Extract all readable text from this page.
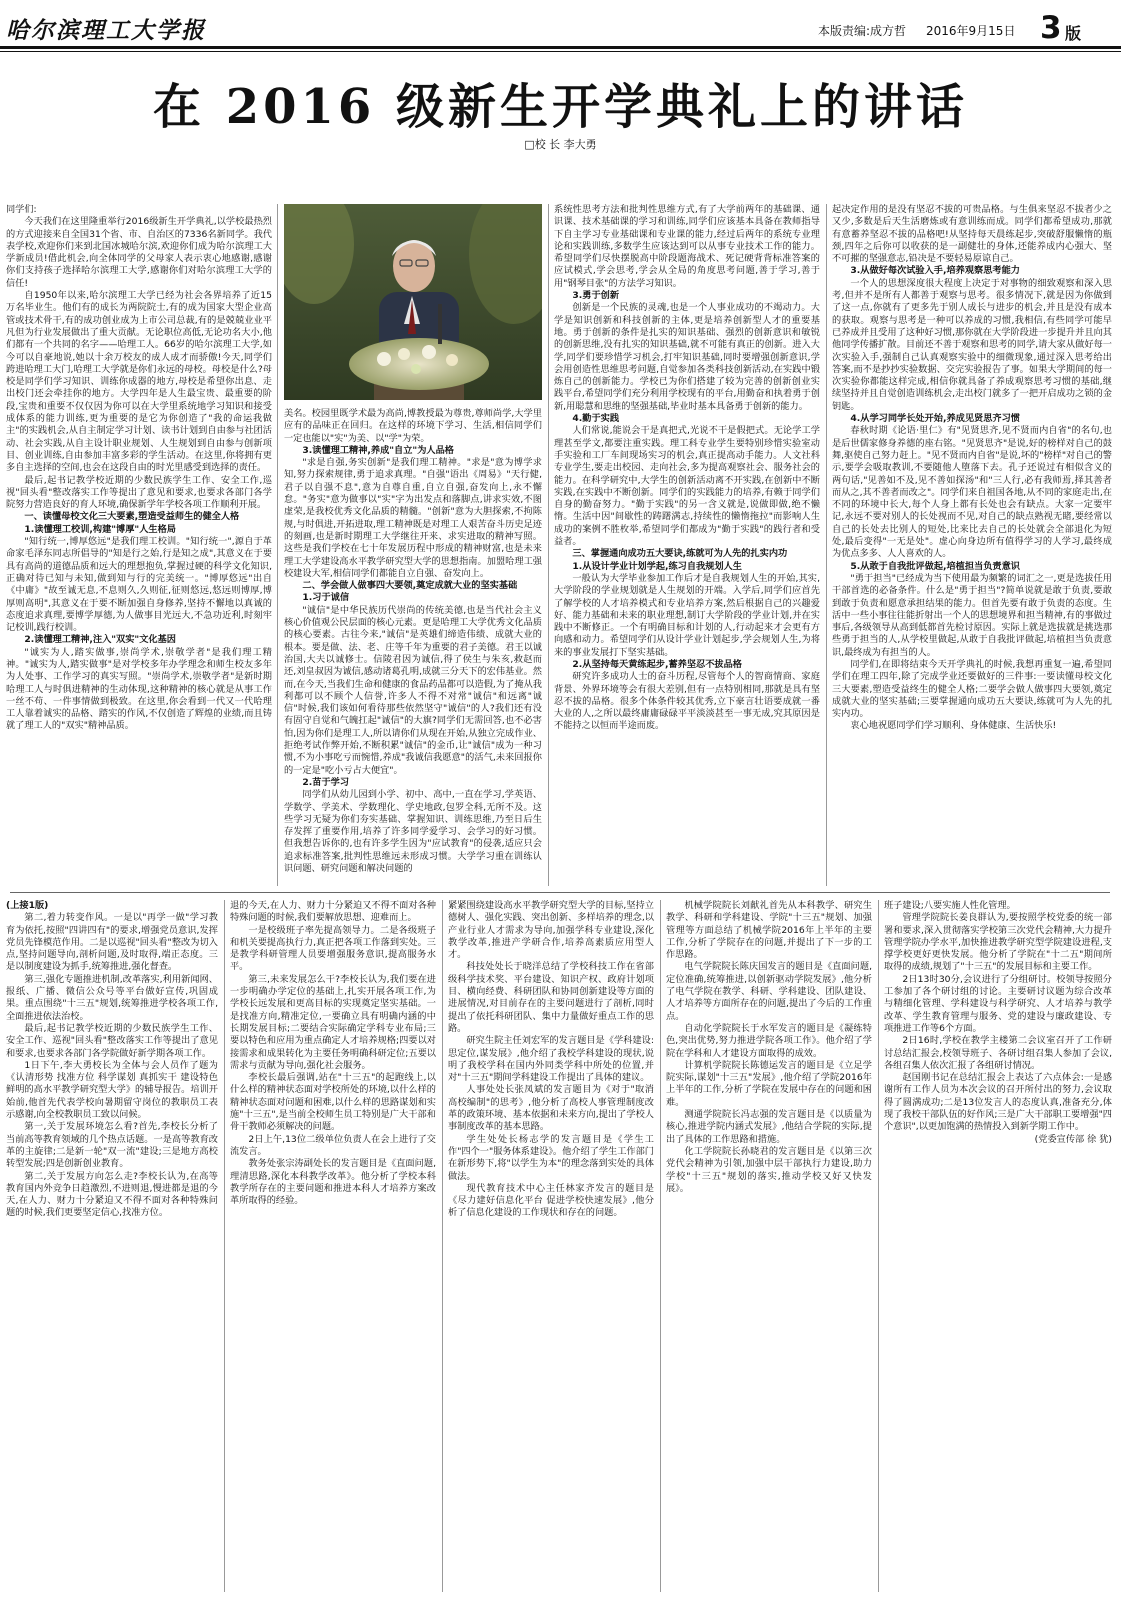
哈尔滨理工大学报	本版责编:成方哲 2016年9月15日 3 版
在 2016 级新生开学典礼上的讲话
□校 长 李大勇

同学们:

今天我们在这里隆重举行2016级新生开学典礼,以学校最热烈的方式迎接来自全国31个省、市、自治区的7336名新同学。我代表学校,欢迎你们来到北国冰城哈尔滨,欢迎你们成为哈尔滨理工大学新成员!借此机会,向全体同学的父母家人表示衷心地感谢,感谢你们支持孩子选择哈尔滨理工大学,感谢你们对哈尔滨理工大学的信任!

自1950年以来,哈尔滨理工大学已经为社会各界培养了近15万名毕业生。他们有的成长为两院院士,有的成为国家大型企业高管或技术骨干,有的成功创业成为上市公司总裁,有的是兢兢业业平凡但为行业发展做出了重大贡献。无论职位高低,无论功名大小,他们都有一个共同的名字——哈理工人。66岁的哈尔滨理工大学,如今可以自豪地说,她以十余万校友的成人成才而骄傲!今天,同学们跨进哈理工大门,哈理工大学就是你们永远的母校。母校是什么?母校是同学们学习知识、训练你成器的地方,母校是希望你出息、走出校门还会牵挂你的地方。大学四年是人生最宝贵、最重要的阶段,宝贵和重要不仅仅因为你可以在大学里系统地学习知识和接受成体系的能力训练,更为重要的是它为你创造了"我的命运我做主"的实践机会,从自主制定学习计划、读书计划到自由参与社团活动、社会实践,从自主设计职业规划、人生规划到自由参与创新项目、创业训练,自由参加丰富多彩的学生活动。在这里,你将拥有更多自主选择的空间,也会在这段自由的时光里感受到选择的责任。

最后,起书记教学校近期的少数民族学生工作、安全工作,巡视"回头看"整改落实工作等提出了意见和要求,也要求各部门各学院努力营造良好的育人环境,确保新学年学校各项工作顺利开展。

一、读懂母校文化三大要素,塑造受益师生的健全人格

1.读懂理工校训,构建"博厚"人生格局

"知行统一,博厚悠远"是我们理工校训。"知行统一",源自于革命家毛泽东同志所倡导的"知是行之始,行是知之成",其意义在于要具有高尚的道德品质和远大的理想抱负,掌握过硬的科学文化知识,正确对待已知与未知,做到知与行的完美统一。"博厚悠远"出自《中庸》"故至诚无息,不息则久,久则征,征则悠远,悠远则博厚,博厚则高明",其意义在于要不断加强自身修养,坚持不懈地以真诚的态度追求真理,要博学厚德,为人做事目光远大,不急功近利,时刻牢记校训,践行校训。

2.读懂理工精神,注入"双实"文化基因

"诚实为人,踏实做事,崇尚学术,崇敬学者"是我们理工精神。"诚实为人,踏实做事"是对学校多年办学理念和师生校友多年为人处事、工作学习的真实写照。"崇尚学术,崇敬学者"是新时期哈理工人与时俱进精神的生动体现,这种精神的核心就是从事工作一丝不苟、一件事情做到极致。在这里,你会看到一代又一代哈理工人靠着诚实的品格、踏实的作风,不仅创造了辉煌的业绩,而且铸就了理工人的"双实"精神品质。

美名。校园里既学术最为高尚,博教授最为尊贵,尊师尚学,大学里应有的品味正在回归。在这样的环境下学习、生活,相信同学们一定也能以"实"为美、以"学"为荣。

3.读懂理工精神,养成"自立"为人品格

"求是自强,务实创新"是我们理工精神。"求是"意为博学求知,努力探索规律,勇于追求真理。"自强"语出《周易》"天行健,君子以自强不息",意为自尊自重,自立自强,奋发向上,永不懈怠。"务实"意为做事以"实"字为出发点和落脚点,讲求实效,不图虚荣,是我校优秀文化品质的精髓。"创新"意为大胆探索,不拘陈规,与时俱进,开拓进取,理工精神既是对理工人艰苦奋斗历史足迹的刻画,也是新时期理工大学继往开来、求实进取的精神写照。这些是我们学校在七十年发展历程中形成的精神财富,也是未来理工大学建设高水平教学研究型大学的思想指南。加盟哈理工强校建设大军,相信同学们都能自立自强、奋发向上。

二、学会做人做事四大要领,奠定成就大业的坚实基础

1.习于诚信

"诚信"是中华民族历代崇尚的传统美德,也是当代社会主义核心价值观公民层面的核心元素。更是哈理工大学优秀文化品质的核心要素。古往今来,"诚信"是英雄们缔造伟绩、成就大业的根本。要是做、法、老、庄等千年为重要的君子美德。君王以诚治国,大夫以诚修士。信陵君因为诚信,得了侯生与朱亥,救赵而还,刘皇叔因为诚信,感动诸葛孔明,成就三分天下的宏伟基业。然而,在今天,当我们生命和健康的食品药品都可以造假,为了掩从我利都可以不顾个人信誉,许多人不得不对常"诚信"和远离"诚信"时候,我们该如何看待那些依然坚守"诚信"的人?我们还有没有固守自觉和气魄扛起"诚信"的大旗?同学们无需回答,也不必害怕,因为你们是理工人,所以请你们从现在开始,从独立完成作业、拒绝考试作弊开始,不断积累"诚信"的金币,让"诚信"成为一种习惯,不为小事吃亏而惋惜,养成"我诚信我愿意"的活气,未来回报你的一定是"吃小亏占大便宜"。

2.苗于学习

同学们从幼儿园到小学、初中、高中,一直在学习,学英语、学数学、学美术、学数理化、学史地政,包罗全科,无所不及。这些学习无疑为你们夯实基础、掌握知识、训练思维,乃至日后生存发挥了重要作用,培养了许多同学爱学习、会学习的好习惯。但我想告诉你的,也有许多学生因为"应试教育"的侵袭,适应只会追求标准答案,批判性思维远未形成习惯。大学学习重在训练认识问题、研究问题和解决问题的

系统性思考方法和批判性思维方式,有了大学前两年的基础课、通识课、技术基础课的学习和训练,同学们应该基本具备在教师指导下自主学习专业基础课和专业课的能力,经过后两年的系统专业理论和实践训练,多数学生应该达到可以从事专业技术工作的能力。希望同学们尽快摆脱高中阶段题海战术、死记硬背背标准答案的应试模式,学会思考,学会从全局的角度思考问题,善于学习,善于用"钢琴目张"的方法学习知识。

3.勇于创新

创新是一个民族的灵魂,也是一个人事业成功的不竭动力。大学是知识创新和科技创新的主体,更是培养创新型人才的重要基地。勇于创新的条件是扎实的知识基础、强烈的创新意识和敏锐的创新思维,没有扎实的知识基础,就不可能有真正的创新。进入大学,同学们要珍惜学习机会,打牢知识基础,同时要增强创新意识,学会用创造性思维思考问题,自觉参加各类科技创新活动,在实践中锻炼自己的创新能力。学校已为你们搭建了较为完善的创新创业实践平台,希望同学们充分利用学校现有的平台,用勤奋和执着勇于创新,用聪慧和思维的坚强基础,毕业时基本具备勇于创新的能力。

4.勤于实践

人们常说,能说会干是真把式,光说不干是假把式。无论学工学理甚至学文,都要注重实践。理工科专业学生要特别珍惜实验室动手实验和工厂车间现场实习的机会,真正提高动手能力。人文社科专业学生,要走出校园、走向社会,多为提高观察社会、服务社会的能力。在科学研究中,大学生的创新活动离不开实践,在创新中不断实践,在实践中不断创新。同学们的实践能力的培养,有赖于同学们自身的勤奋努力。"勤于实践"的另一含义就是,说做即做,绝不懒惰。生活中因"间歇性的踌躇满志,持续性的懒惰拖拉"而影响人生成功的案例不胜枚举,希望同学们都成为"勤于实践"的践行者和受益者。

三、掌握通向成功五大要诀,练就可为人先的扎实内功

1.从设计学业计划学起,练习自我规划人生

一般认为大学毕业参加工作后才是自我规划人生的开始,其实,大学阶段的学业规划就是人生规划的开端。入学后,同学们应首先了解学校的人才培养模式和专业培养方案,然后根据自己的兴趣爱好、能力基础和未来的职业理想,制订大学阶段的学业计划,并在实践中不断修正。一个有明确目标和计划的人,行动起来才会更有方向感和动力。希望同学们从设计学业计划起步,学会规划人生,为将来的事业发展打下坚实基础。

2.从坚持每天黄练起步,蓄养坚忍不拔品格

研究许多成功人士的奋斗历程,尽管每个人的智商情商、家庭背景、外界环境等会有很大差别,但有一点特别相同,那就是具有坚忍不拔的品格。很多个体条件较其优秀,立下豪言壮语要成就一番大业的人,之所以最终庸庸碌碌平平淡淡甚至一事无成,究其原因是不能持之以恒而半途而废。

起决定作用的是没有坚忍不拔的可贵品格。与生俱来坚忍不拔者少之又少,多数是后天生活磨炼或有意训练而成。同学们都希望成功,那就有意蓄养坚忍不拔的品格吧!从坚持每天晨练起步,突破舒服懒惰的瓶颈,四年之后你可以收获的是一副健壮的身体,还能养成内心强大、坚不可摧的坚强意志,铅决是不要轻易原谅自己。

3.从做好每次试验入手,培养观察思考能力

一个人的思想深度很大程度上决定于对事物的细致观察和深入思考,但并不是所有人都善于观察与思考。很多情况下,就是因为你做到了这一点,你就有了更多先于别人成长与进步的机会,并且是没有成本的获取。观察与思考是一种可以养成的习惯,我相信,有些同学可能早已养成并且受用了这种好习惯,那你就在大学阶段进一步提升并且向其他同学传播扩散。目前还不善于观察和思考的同学,请大家从做好每一次实验入手,强制自己认真观察实验中的细微现象,通过深入思考给出答案,而不是抄抄实验数据、交完实验报告了事。如果大学期间的每一次实验你都能这样完成,相信你就具备了养成观察思考习惯的基础,继续坚持并且自觉创造训练机会,走出校门就多了一把开启成功之锁的金钥匙。

4.从学习同学长处开始,养成见贤思齐习惯

春秋时期《论语·里仁》有"见贤思齐,见不贤而内自省"的名句,也是后世儒家修身养德的座右铭。"见贤思齐"是说,好的榜样对自己的鼓舞,驱使自己努力赶上。"见不贤而内自省"是说,坏的"榜样"对自己的警示,要学会吸取教训,不要随他人堕落下去。孔子还说过有相似含义的两句话,"见善如不及,见不善如探汤"和"三人行,必有我师焉,择其善者而从之,其不善者而改之"。同学们来自祖国各地,从不同的家庭走出,在不同的环境中长大,每个人身上都有长处也会有缺点。大家一定要牢记,永远不要对别人的长处视而不见,对自己的缺点熟视无睹,要经常以自己的长处去比别人的短处,比来比去自己的长处就会全部退化为短处,最后变得"一无是处"。虚心向身边所有值得学习的人学习,最终成为优点多多、人人喜欢的人。

5.从敢于自我批评做起,培植担当负责意识

"勇于担当"已经成为当下使用最为频繁的词汇之一,更是选拔任用干部首选的必备条件。什么是"勇于担当"?简单说就是敢于负责,要敢到敢于负责和愿意承担结果的能力。但首先要有敢于负责的态度。生活中一些小事往往能折射出一个人的思想境界和担当精神,有的事做过事后,各级领导从高到低都首先检讨原因。实际上就是选拔就是挑选那些勇于担当的人,从学校里做起,从敢于自我批评做起,培植担当负责意识,最终成为有担当的人。

同学们,在即将结束今天开学典礼的时候,我想再重复一遍,希望同学们在理工四年,除了完成学业还要做好的三件事:一要读懂母校文化三大要素,塑造受益终生的健全人格;二要学会做人做事四大要领,奠定成就大业的坚实基础;三要掌握通向成功五大要诀,练就可为人先的扎实内功。

衷心地祝愿同学们学习顺利、身体健康、生活快乐!

(上接1版)

第二,着力转变作风。一是以"再学一做"学习教育为依托,按照"四讲四有"的要求,增强党员意识,发挥党员先锋模范作用。二是以巡视"回头看"整改为切入点,坚持问题导向,剖析问题,及时取得,端正态度。三是以制度建设为抓手,统筹推进,强化督查。

第三,强化专题推进机制,改革落实,利用新闻网、报纸、广播、微信公众号等平台做好宣传,巩固成果。重点围绕"十三五"规划,统筹推进学校各项工作,全面推进依法治校。

最后,起书记教学校近期的少数民族学生工作、安全工作、巡视"回头看"整改落实工作等提出了意见和要求,也要求各部门各学院做好新学期各项工作。

1日下午,李大勇校长为全体与会人员作了题为《认清形势 找准方位 科学谋划 真抓实干 建设特色鲜明的高水平教学研究型大学》的辅导报告。培训开始前,他首先代表学校向暑期留守岗位的教职员工表示感谢,向全校教职员工致以问候。

第一,关于发展环境怎么看?首先,李校长分析了当前高等教育领域的几个热点话题。一是高等教育改革的主旋律;二是新一轮"双一流"建设;三是地方高校转型发展;四是创新创业教育。

第二,关于发展方向怎么走?李校长认为,在高等教育国内外竞争日趋激烈,不进则退,慢进都是退的今天,在人力、财力十分紧迫又不得不面对各种特殊问题的时候,我们更要坚定信心,找准方位。

退的今天,在人力、财力十分紧迫又不得不面对各种特殊问题的时候,我们要解放思想、迎难而上。

一是校级班子率先提高领导力。二是各级班子和机关要提高执行力,真正把各项工作落到实处。三是教学科研管理人员要增强服务意识,提高服务水平。

第三,未来发展怎么干?李校长认为,我们要在进一步明确办学定位的基础上,扎实开展各项工作,为学校长远发展和更高目标的实现奠定坚实基础。一是找准方向,精准定位,一要确立具有明确内涵的中长期发展目标;二要结合实际确定学科专业布局;三要以特色和应用为重点确定人才培养规格;四要以对接需求和成果转化为主要任务明确科研定位;五要以需求与贡献为导向,强化社会服务。

李校长最后强调,站在"十三五"的起跑线上,以什么样的精神状态面对学校所处的环境,以什么样的精神状态面对问题和困难,以什么样的思路谋划和实施"十三五",是当前全校师生员工特别是广大干部和骨干教师必须解决的问题。

2日上午,13位二级单位负责人在会上进行了交流发言。

教务处张宗涛副处长的发言题目是《直面问题,理清思路,深化本科教学改革》。他分析了学校本科教学所存在的主要问题和推进本科人才培养方案改革所取得的经验。

紧紧围绕建设高水平教学研究型大学的目标,坚持立德树人、强化实践、突出创新、多样培养的理念,以产业行业人才需求为导向,加强学科专业建设,深化教学改革,推进产学研合作,培养高素质应用型人才。

科技处处长于晓洋总结了学校科技工作在省部级科学技术奖、平台建设、知识产权、政府计划项目、横向经费、科研团队和协同创新建设等方面的进展情况,对目前存在的主要问题进行了剖析,同时提出了依托科研团队、集中力量做好重点工作的思路。

研究生院主任刘宏军的发言题目是《学科建设:思定位,谋发展》,他介绍了我校学科建设的现状,说明了我校学科在国内外同类学科中所处的位置,并对"十三五"期间学科建设工作提出了具体的建议。

人事处处长张凤斌的发言题目为《对于"取消高校编制"的思考》,他分析了高校人事管理制度改革的政策环境、基本依据和未来方向,提出了学校人事制度改革的基本思路。

学生处处长杨志学的发言题目是《学生工作"四个一"服务体系建设》。他介绍了学生工作部门在新形势下,将"以学生为本"的理念落到实处的具体做法。

现代教育技术中心主任林家齐发言的题目是《尽力建好信息化平台 促进学校快速发展》,他分析了信息化建设的工作现状和存在的问题。

机械学院院长刘献礼首先从本科教学、研究生教学、科研和学科建设、学院"十三五"规划、加强管理等方面总结了机械学院2016年上半年的主要工作,分析了学院存在的问题,并提出了下一步的工作思路。

电气学院院长陈庆国发言的题目是《直面问题,定位准确,统筹推进,以创新驱动学院发展》,他分析了电气学院在教学、科研、学科建设、团队建设、人才培养等方面所存在的问题,提出了今后的工作重点。

自动化学院院长于水军发言的题目是《凝练特色,突出优势,努力推进学院各项工作》。他介绍了学院在学科和人才建设方面取得的成效。

计算机学院院长陈德运发言的题目是《立足学院实际,谋划"十三五"发展》,他介绍了学院2016年上半年的工作,分析了学院在发展中存在的问题和困难。

测通学院院长冯志强的发言题目是《以质量为核心,推进学院内涵式发展》,他结合学院的实际,提出了具体的工作思路和措施。

化工学院院长孙晓君的发言题目是《以第三次党代会精神为引领,加强中层干部执行力建设,助力学校"十三五"规划的落实,推动学校又好又快发展》。

班子建设;八要实施人性化管理。

管理学院院长姜良群认为,要按照学校党委的统一部署和要求,深入贯彻落实学校第三次党代会精神,大力提升管理学院办学水平,加快推进教学研究型学院建设进程,支撑学校更好更快发展。他分析了学院在"十二五"期间所取得的成绩,规划了"十三五"的发展目标和主要工作。

2日13时30分,会议进行了分组研讨。校领导按照分工参加了各个研讨组的讨论。主要研讨议题为综合改革与精细化管理、学科建设与科学研究、人才培养与教学改革、学生教育管理与服务、党的建设与廉政建设、专项推进工作等6个方面。

2日16时,学校在教学主楼第二会议室召开了工作研讨总结汇报会,校领导班子、各研讨组召集人参加了会议,各组召集人依次汇报了各组研讨情况。

赵国刚书记在总结汇报会上表达了六点体会:一是感谢所有工作人员为本次会议的召开所付出的努力,会议取得了圆满成功;二是13位发言人的态度认真,准备充分,体现了我校干部队伍的好作风;三是广大干部职工要增强"四个意识",以更加饱满的热情投入到新学期工作中。

(党委宣传部 徐 犹)
